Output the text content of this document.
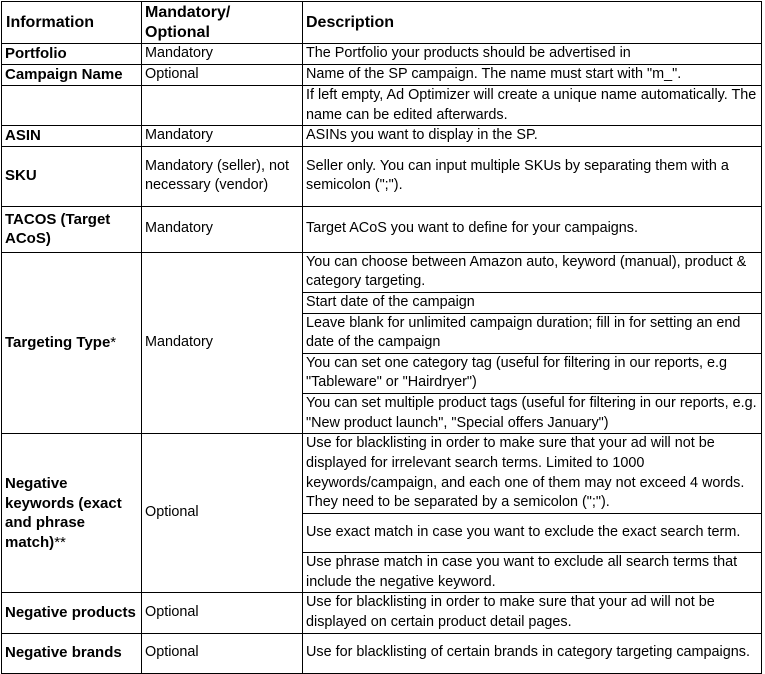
Information	Mandatory/ Optional	Description
Portfolio	Mandatory	The Portfolio your products should be advertised in
Campaign Name	Optional	Name of the SP campaign. The name must start with "m_".
		If left empty, Ad Optimizer will create a unique name automatically. The name can be edited afterwards.
ASIN	Mandatory	ASINs you want to display in the SP.
SKU	Mandatory (seller), not necessary (vendor)	Seller only. You can input multiple SKUs by separating them with a semicolon (";").
TACOS (Target ACoS)	Mandatory	Target ACoS you want to define for your campaigns.
Targeting Type*	Mandatory	You can choose between Amazon auto, keyword (manual), product & category targeting.
		Start date of the campaign
		Leave blank for unlimited campaign duration; fill in for setting an end date of the campaign
		You can set one category tag (useful for filtering in our reports, e.g "Tableware" or "Hairdryer")
		You can set multiple product tags (useful for filtering in our reports, e.g. "New product launch", "Special offers January")
Negative keywords (exact and phrase match)**	Optional	Use for blacklisting in order to make sure that your ad will not be displayed for irrelevant search terms. Limited to 1000 keywords/campaign, and each one of them may not exceed 4 words. They need to be separated by a semicolon (";").
		Use exact match in case you want to exclude the exact search term.
		Use phrase match in case you want to exclude all search terms that include the negative keyword.
Negative products	Optional	Use for blacklisting in order to make sure that your ad will not be displayed on certain product detail pages.
Negative brands	Optional	Use for blacklisting of certain brands in category targeting campaigns.
